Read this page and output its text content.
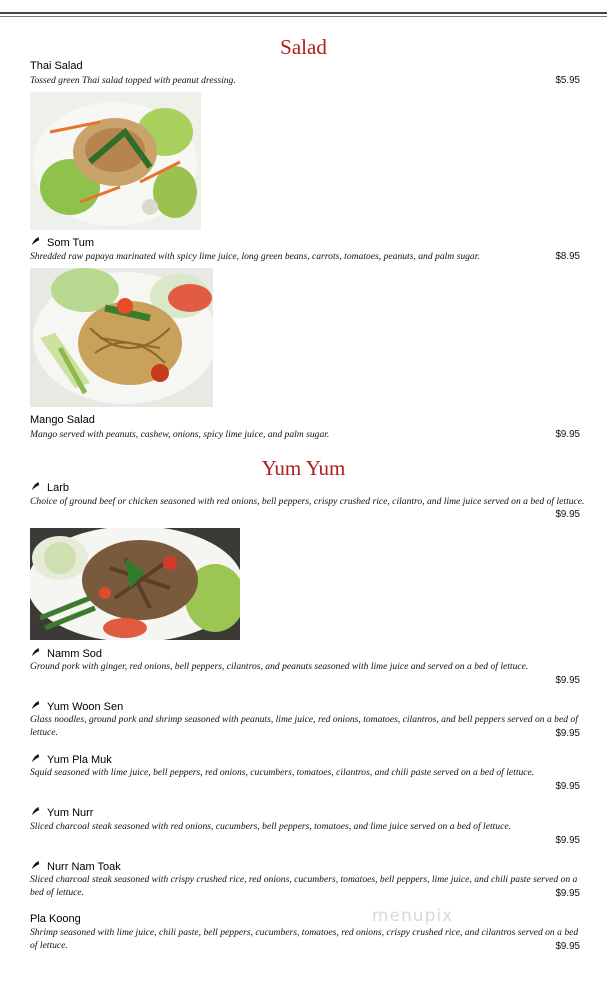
Salad
Thai Salad
Tossed green Thai salad topped with peanut dressing.	$5.95
Som Tum
Shredded raw papaya marinated with spicy lime juice, long green beans, carrots, tomatoes, peanuts, and palm sugar.	$8.95
Mango Salad
Mango served with peanuts, cashew, onions, spicy lime juice, and palm sugar.	$9.95
Yum Yum
Larb
Choice of ground beef or chicken seasoned with red onions, bell peppers, crispy crushed rice, cilantro, and lime juice served on a bed of lettuce.
$9.95
Namm Sod
Ground pork with ginger, red onions, bell peppers, cilantros, and peanuts seasoned with lime juice and served on a bed of lettuce.
$9.95
Yum Woon Sen
Glass noodles, ground pork and shrimp seasoned with peanuts, lime juice, red onions, tomatoes, cilantros, and bell peppers served on a bed of lettuce.	$9.95
Yum Pla Muk
Squid seasoned with lime juice, bell peppers, red onions, cucumbers, tomatoes, cilantros, and chili paste served on a bed of lettuce.
$9.95
Yum Nurr
Sliced charcoal steak seasoned with red onions, cucumbers, bell peppers, tomatoes, and lime juice served on a bed of lettuce.
$9.95
Nurr Nam Toak
Sliced charcoal steak seasoned with crispy crushed rice, red onions, cucumbers, tomatoes, bell peppers, lime juice, and chili paste served on a bed of lettuce.	$9.95
Pla Koong
Shrimp seasoned with lime juice, chili paste, bell peppers, cucumbers, tomatoes, red onions, crispy crushed rice, and cilantros served on a bed of lettuce.	$9.95
menupix
